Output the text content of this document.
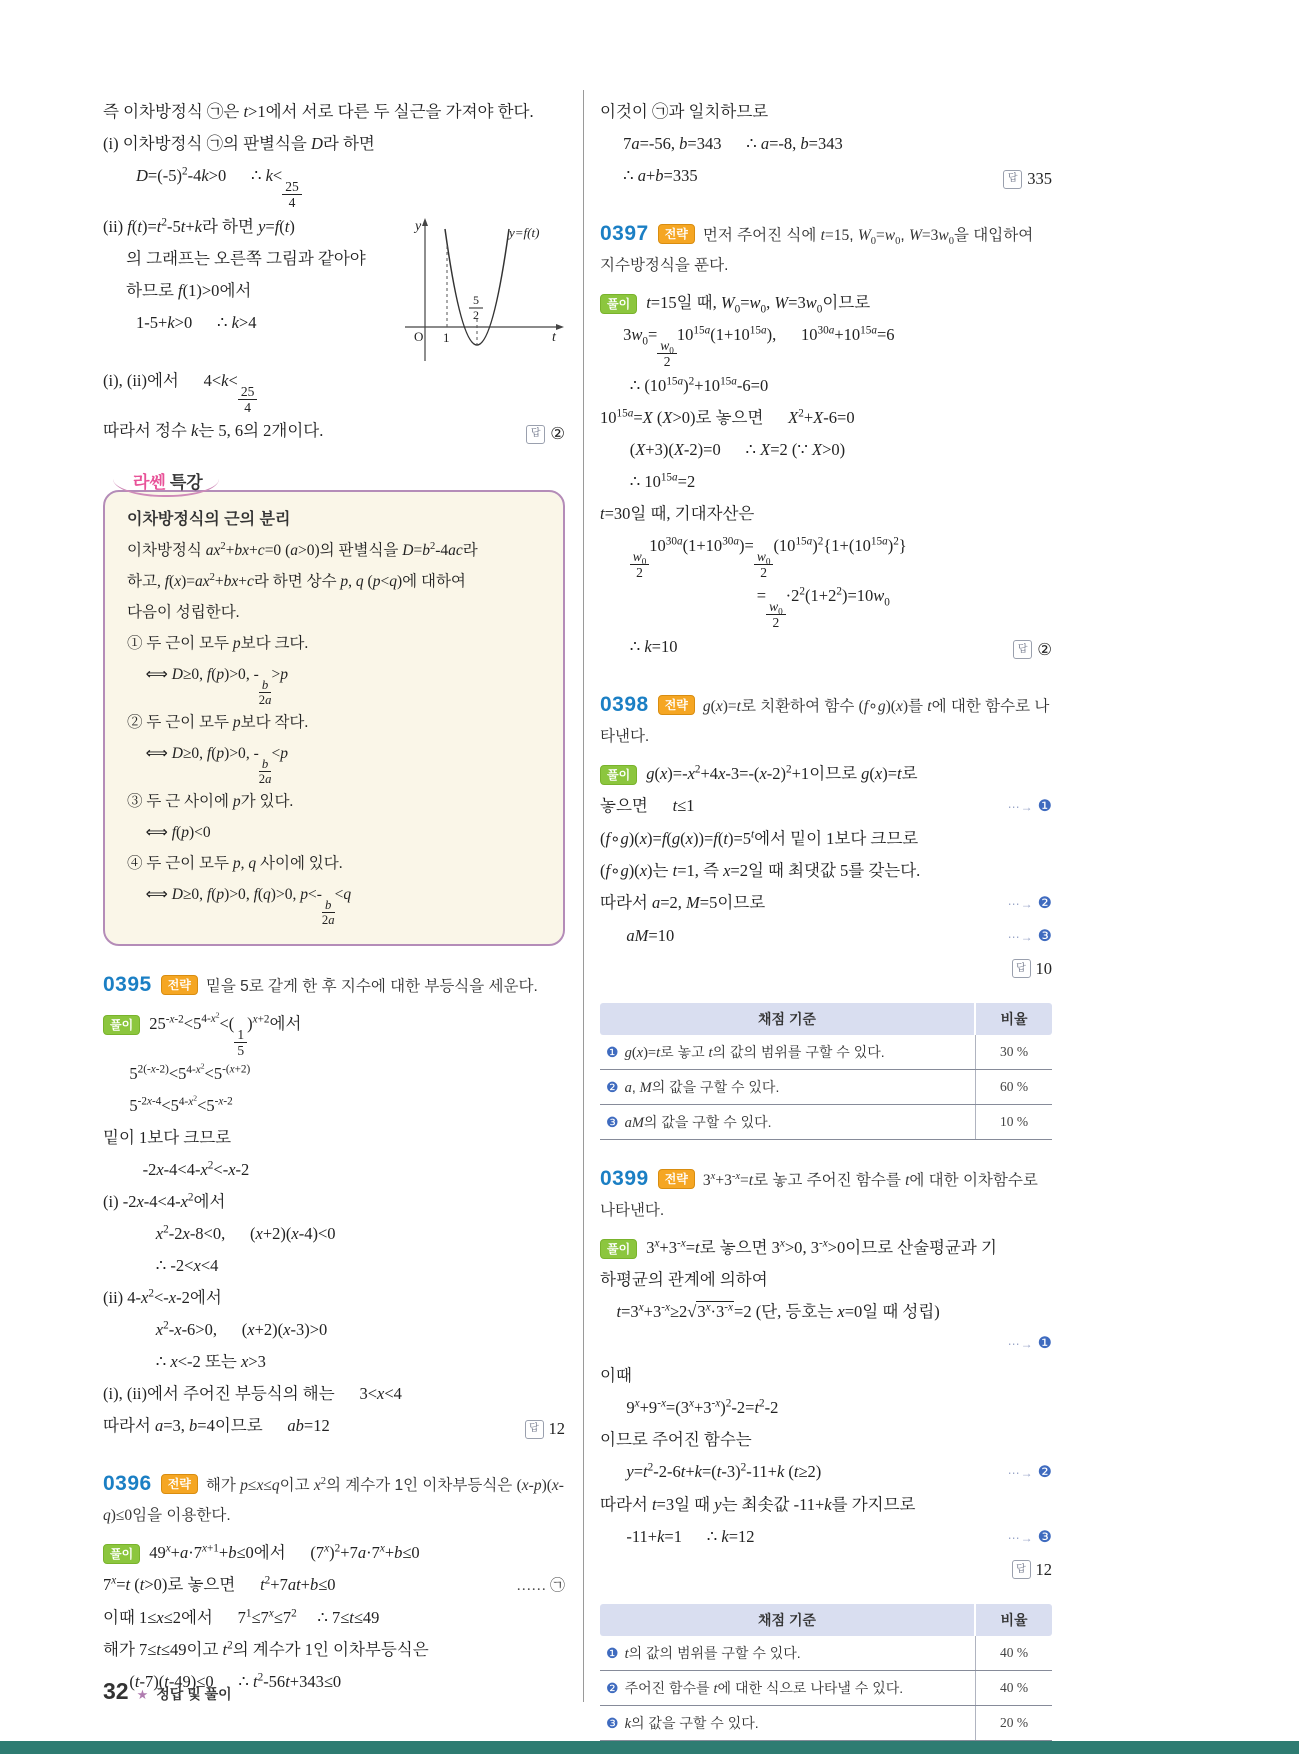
즉 이차방정식 ㉠은 t>1에서 서로 다른 두 실근을 가져야 한다.
(i) 이차방정식 ㉠의 판별식을 D라 하면
$D=(-5)^2-4k>0$      ∴ k<
$\frac{25}{4}$
(ii) $f(t)=t^2-5t+k$라 하면 y=f(t)
의 그래프는 오른쪽 그림과 같아야
하므로 f(1)>0에서
1-5+k>0      ∴ k>4
y	y=f(t)
O 1
5
2
t
(i), (ii)에서      4<k<
$\frac{25}{4}$
따라서 정수 k는 5, 6의 2개이다.	답 ②
라쎈 특강
이차방정식의 근의 분리
이차방정식 $ax^2+bx+c=0$ (a>0)의 판별식을 $D=b^2-4ac$라
하고, $f(x)=ax^2+bx+c$라 하면 상수 p, q (p<q)에 대하여
다음이 성립한다.
① 두 근이 모두 p보다 크다.
⟺ D≥0, f(p)>0, -
$\frac{b}{2a}$
>p
② 두 근이 모두 p보다 작다.
⟺ D≥0, f(p)>0, -
$\frac{b}{2a}$
<p
③ 두 근 사이에 p가 있다.
⟺ f(p)<0
④ 두 근이 모두 p, q 사이에 있다.
⟺ D≥0, f(p)>0, f(q)>0, p<-
$\frac{b}{2a}$
<q
0395 전략 밑을 5로 같게 한 후 지수에 대한 부등식을 세운다.
풀이 $25^{-x-2}<5^{4-x^2}<$(
$\frac{1}{5}$
)$^{x+2}$에서
$5^{2(-x-2)}<5^{4-x^2}<5^{-(x+2)}$
$5^{-2x-4}<5^{4-x^2}<5^{-x-2}$
밑이 1보다 크므로
$-2x-4<4-x^2<-x-2$
(i) $-2x-4<4-x^2$에서
$x^2-2x-8<0$,      (x+2)(x-4)<0
∴ -2<x<4
(ii) $4-x^2<-x-2$에서
$x^2-x-6>0$,      (x+2)(x-3)>0
∴ x<-2 또는 x>3
(i), (ii)에서 주어진 부등식의 해는      3<x<4
따라서 a=3, b=4이므로      ab=12	답 12
0396 전략 해가 p≤x≤q이고 $x^2$의 계수가 1인 이차부등식은 (x-p)(x-q)≤0임을 이용한다.
풀이 $49^x+a\cdot 7^{x+1}+b\le 0$에서      $(7^x)^2+7a\cdot 7^x+b\le 0$
$7^x=t$ (t>0)로 놓으면      $t^2+7at+b\le 0$	…… ㉠
이때 1≤x≤2에서      $7^1\le 7^x\le 7^2$     ∴ 7≤t≤49
해가 7≤t≤49이고 $t^2$의 계수가 1인 이차부등식은
(t-7)(t-49)≤0      ∴ $t^2-56t+343\le 0$
이것이 ㉠과 일치하므로
7a=-56, b=343      ∴ a=-8, b=343
∴ a+b=335	답 335
0397 전략 먼저 주어진 식에 t=15, $W_0=w_0$, $W=3w_0$을 대입하여 지수방정식을 푼다.
풀이 t=15일 때, $W_0=w_0$, $W=3w_0$이므로
$3w_0=$
$\frac{w_0}{2}$
$10^{15a}(1+10^{15a})$,      $10^{30a}+10^{15a}=6$
∴ $(10^{15a})^2+10^{15a}-6=0$
$10^{15a}=X$ (X>0)로 놓으면      $X^2+X-6=0$
(X+3)(X-2)=0      ∴ X=2 (∵ X>0)
∴ $10^{15a}=2$
t=30일 때, 기대자산은
$\frac{w_0}{2}$
$10^{30a}(1+10^{30a})=$
$\frac{w_0}{2}$
$(10^{15a})^2\{1+(10^{15a})^2\}$
=
$\frac{w_0}{2}$
$\cdot 2^2(1+2^2)=10w_0$
∴ k=10	답 ②
0398 전략 g(x)=t로 치환하여 함수 (f∘g)(x)를 t에 대한 함수로 나타낸다.
풀이 $g(x)=-x^2+4x-3=-(x-2)^2+1$이므로 g(x)=t로
놓으면      t≤1	⋯→ ❶
$(f\circ g)(x)=f(g(x))=f(t)=5^t$에서 밑이 1보다 크므로
(f∘g)(x)는 t=1, 즉 x=2일 때 최댓값 5를 갖는다.
따라서 a=2, M=5이므로	⋯→ ❷
aM=10	⋯→ ❸
답 10
채점 기준	비율
❶ g(x)=t로 놓고 t의 값의 범위를 구할 수 있다.	30 %
❷ a, M의 값을 구할 수 있다.	60 %
❸ aM의 값을 구할 수 있다.	10 %
0399 전략 $3^x+3^{-x}=t$로 놓고 주어진 함수를 t에 대한 이차함수로 나타낸다.
풀이 $3^x+3^{-x}=t$로 놓으면 $3^x>0$, $3^{-x}>0$이므로 산술평균과 기
하평균의 관계에 의하여
$t=3^x+3^{-x}\ge 2√3^x\cdot 3^{-x}=2$ (단, 등호는 x=0일 때 성립)
⋯→ ❶
이때
$9^x+9^{-x}=(3^x+3^{-x})^2-2=t^2-2$
이므로 주어진 함수는
$y=t^2-2-6t+k=(t-3)^2-11+k$ (t≥2)	⋯→ ❷
따라서 t=3일 때 y는 최솟값 -11+k를 가지므로
-11+k=1      ∴ k=12	⋯→ ❸
답 12
채점 기준	비율
❶ t의 값의 범위를 구할 수 있다.	40 %
❷ 주어진 함수를 t에 대한 식으로 나타낼 수 있다.	40 %
❸ k의 값을 구할 수 있다.	20 %
32 ★ 정답 및 풀이
